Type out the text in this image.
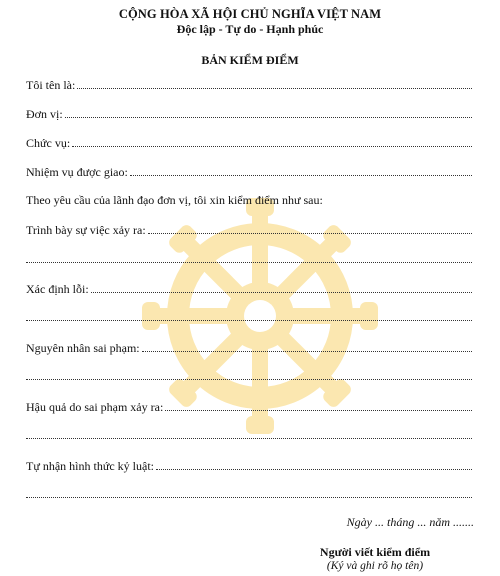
CỘNG HÒA XÃ HỘI CHỦ NGHĨA VIỆT NAM
Độc lập - Tự do - Hạnh phúc
BẢN KIỂM ĐIỂM
Tôi tên là:
Đơn vị:
Chức vụ:
Nhiệm vụ được giao:
Theo yêu cầu của lãnh đạo đơn vị, tôi xin kiểm điểm như sau:
Trình bày sự việc xảy ra:
Xác định lỗi:
Nguyên nhân sai phạm:
Hậu quả do sai phạm xảy ra:
Tự nhận hình thức kỷ luật:
Ngày ... tháng ... năm .......
Người viết kiểm điểm
(Ký và ghi rõ họ tên)
